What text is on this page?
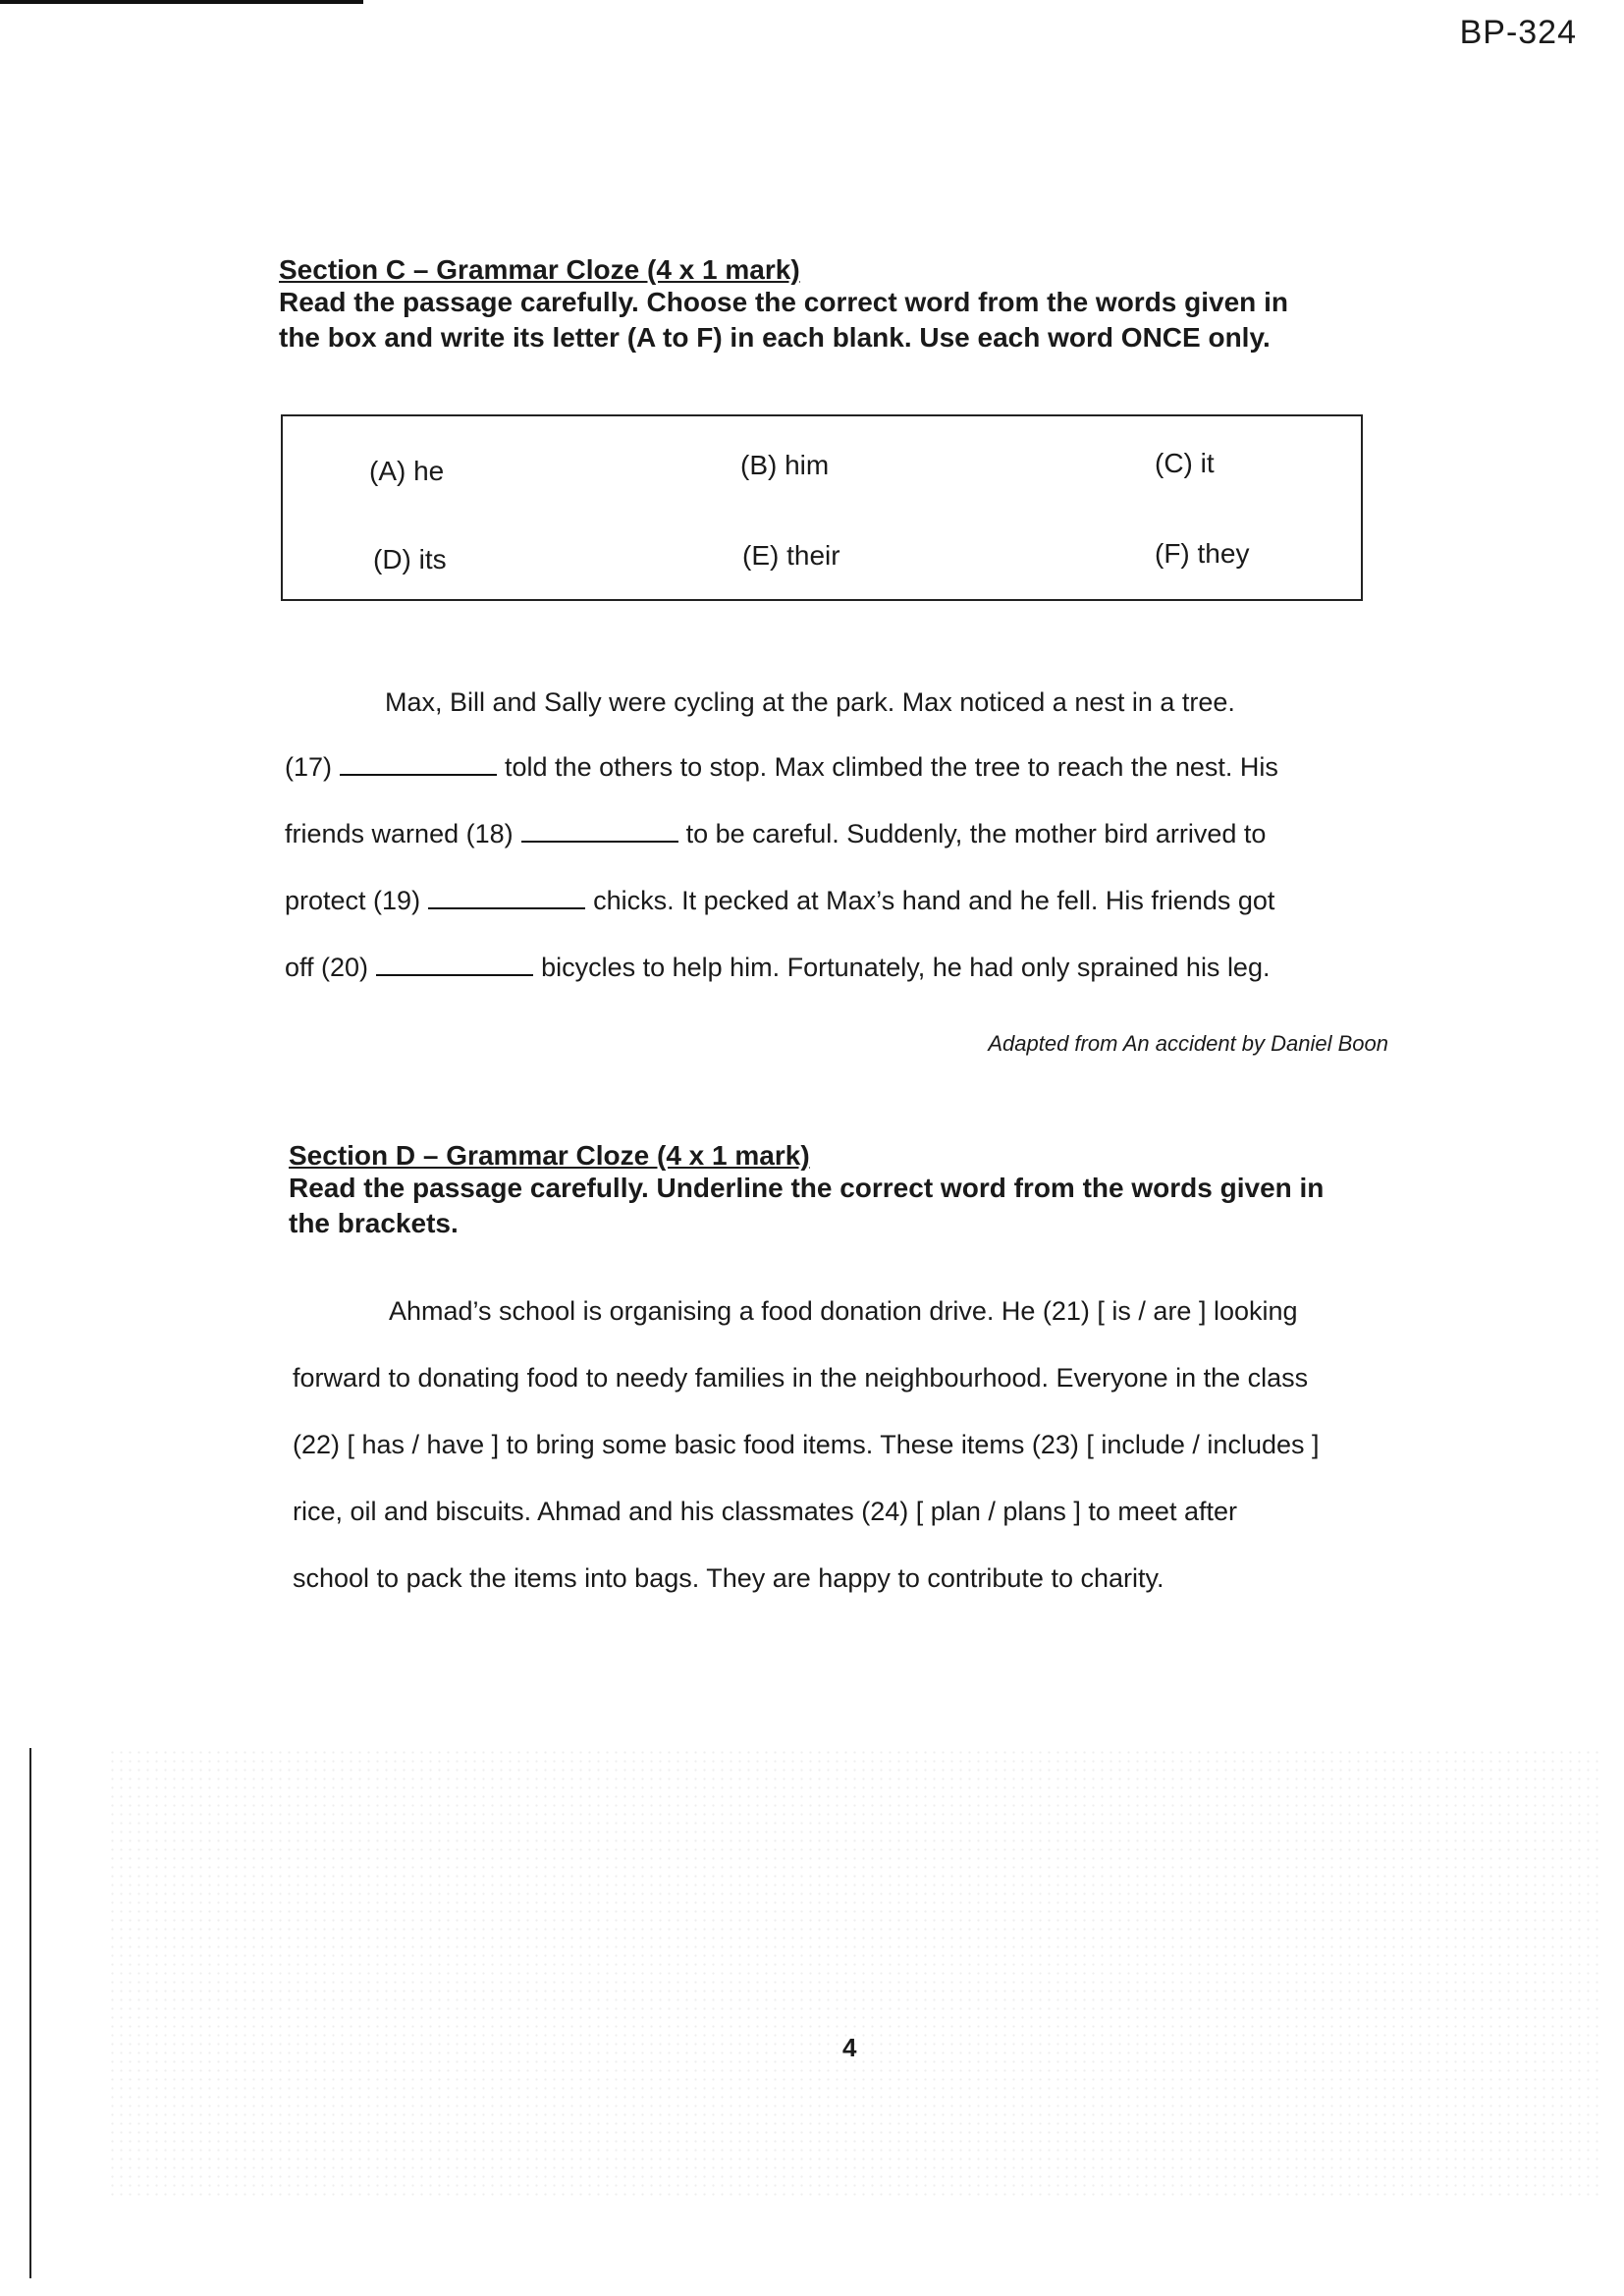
BP-324

Section C – Grammar Cloze (4 x 1 mark)

Read the passage carefully. Choose the correct word from the words given in

the box and write its letter (A to F) in each blank. Use each word ONCE only.

(A) he	(B) him	(C) it
(D) its	(E) their	(F) they
Max, Bill and Sally were cycling at the park. Max noticed a nest in a tree.
(17)	told the others to stop. Max climbed the tree to reach the nest. His
friends warned (18)	to be careful. Suddenly, the mother bird arrived to
protect (19)	chicks. It pecked at Max’s hand and he fell. His friends got
off (20)	bicycles to help him. Fortunately, he had only sprained his leg.
Adapted from An accident by Daniel Boon

Section D – Grammar Cloze (4 x 1 mark)

Read the passage carefully. Underline the correct word from the words given in

the brackets.

Ahmad’s school is organising a food donation drive. He (21) [ is / are ] looking
forward to donating food to needy families in the neighbourhood. Everyone in the class
(22) [ has / have ] to bring some basic food items. These items (23) [ include / includes ]
rice, oil and biscuits. Ahmad and his classmates (24) [ plan / plans ] to meet after
school to pack the items into bags. They are happy to contribute to charity.
4
